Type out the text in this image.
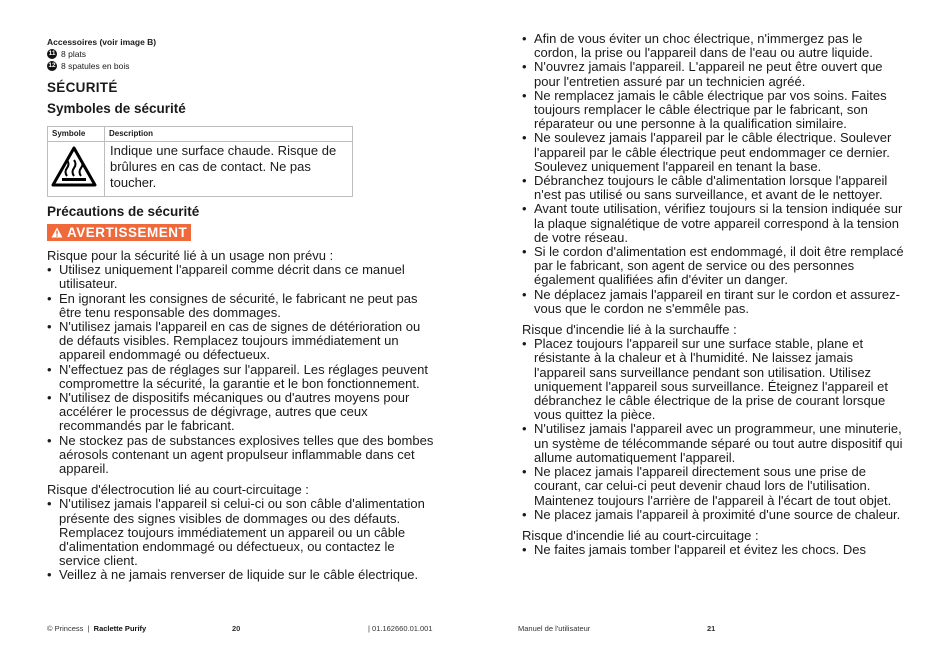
Accessoires (voir image B)
11 8 plats
12 8 spatules en bois
SÉCURITÉ
Symboles de sécurité
Symbole	Description
	Indique une surface chaude. Risque de brûlures en cas de contact. Ne pas toucher.
Précautions de sécurité
AVERTISSEMENT
Risque pour la sécurité lié à un usage non prévu :
• Utilisez uniquement l'appareil comme décrit dans ce manuel utilisateur.
• En ignorant les consignes de sécurité, le fabricant ne peut pas être tenu responsable des dommages.
• N'utilisez jamais l'appareil en cas de signes de détérioration ou de défauts visibles. Remplacez toujours immédiatement un appareil endommagé ou défectueux.
• N'effectuez pas de réglages sur l'appareil. Les réglages peuvent compromettre la sécurité, la garantie et le bon fonctionnement.
• N'utilisez de dispositifs mécaniques ou d'autres moyens pour accélérer le processus de dégivrage, autres que ceux recommandés par le fabricant.
• Ne stockez pas de substances explosives telles que des bombes aérosols contenant un agent propulseur inflammable dans cet appareil.
Risque d'électrocution lié au court-circuitage :
• N'utilisez jamais l'appareil si celui-ci ou son câble d'alimentation présente des signes visibles de dommages ou des défauts. Remplacez toujours immédiatement un appareil ou un câble d'alimentation endommagé ou défectueux, ou contactez le service client.
• Veillez à ne jamais renverser de liquide sur le câble électrique.
• Afin de vous éviter un choc électrique, n'immergez pas le cordon, la prise ou l'appareil dans de l'eau ou autre liquide.
• N'ouvrez jamais l'appareil. L'appareil ne peut être ouvert que pour l'entretien assuré par un technicien agréé.
• Ne remplacez jamais le câble électrique par vos soins. Faites toujours remplacer le câble électrique par le fabricant, son réparateur ou une personne à la qualification similaire.
• Ne soulevez jamais l'appareil par le câble électrique. Soulever l'appareil par le câble électrique peut endommager ce dernier. Soulevez uniquement l'appareil en tenant la base.
• Débranchez toujours le câble d'alimentation lorsque l'appareil n'est pas utilisé ou sans surveillance, et avant de le nettoyer.
• Avant toute utilisation, vérifiez toujours si la tension indiquée sur la plaque signalétique de votre appareil correspond à la tension de votre réseau.
• Si le cordon d'alimentation est endommagé, il doit être remplacé par le fabricant, son agent de service ou des personnes également qualifiées afin d'éviter un danger.
• Ne déplacez jamais l'appareil en tirant sur le cordon et assurez-vous que le cordon ne s'emmêle pas.
Risque d'incendie lié à la surchauffe :
• Placez toujours l'appareil sur une surface stable, plane et résistante à la chaleur et à l'humidité. Ne laissez jamais l'appareil sans surveillance pendant son utilisation. Utilisez uniquement l'appareil sous surveillance. Éteignez l'appareil et débranchez le câble électrique de la prise de courant lorsque vous quittez la pièce.
• N'utilisez jamais l'appareil avec un programmeur, une minuterie, un système de télécommande séparé ou tout autre dispositif qui allume automatiquement l'appareil.
• Ne placez jamais l'appareil directement sous une prise de courant, car celui-ci peut devenir chaud lors de l'utilisation. Maintenez toujours l'arrière de l'appareil à l'écart de tout objet.
• Ne placez jamais l'appareil à proximité d'une source de chaleur.
Risque d'incendie lié au court-circuitage :
• Ne faites jamais tomber l'appareil et évitez les chocs. Des
© Princess | Raclette Purify	20	| 01.162660.01.001	Manuel de l'utilisateur	21
